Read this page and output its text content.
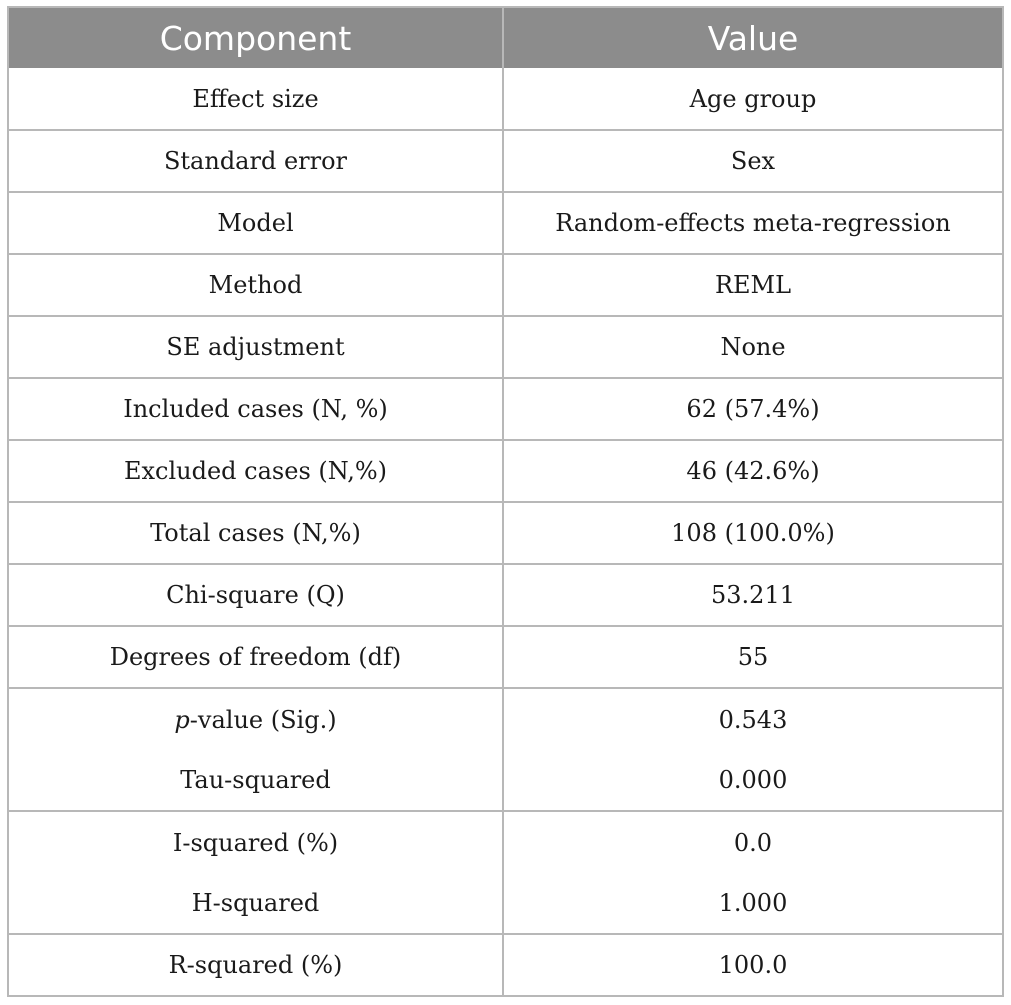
Component	Value
Effect size	Age group
Standard error	Sex
Model	Random-effects meta-regression
Method	REML
SE adjustment	None
Included cases (N, %)	62 (57.4%)
Excluded cases (N,%)	46 (42.6%)
Total cases (N,%)	108 (100.0%)
Chi-square (Q)	53.211
Degrees of freedom (df)	55
p-value (Sig.)	0.543
Tau-squared	0.000
I-squared (%)	0.0
H-squared	1.000
R-squared (%)	100.0
